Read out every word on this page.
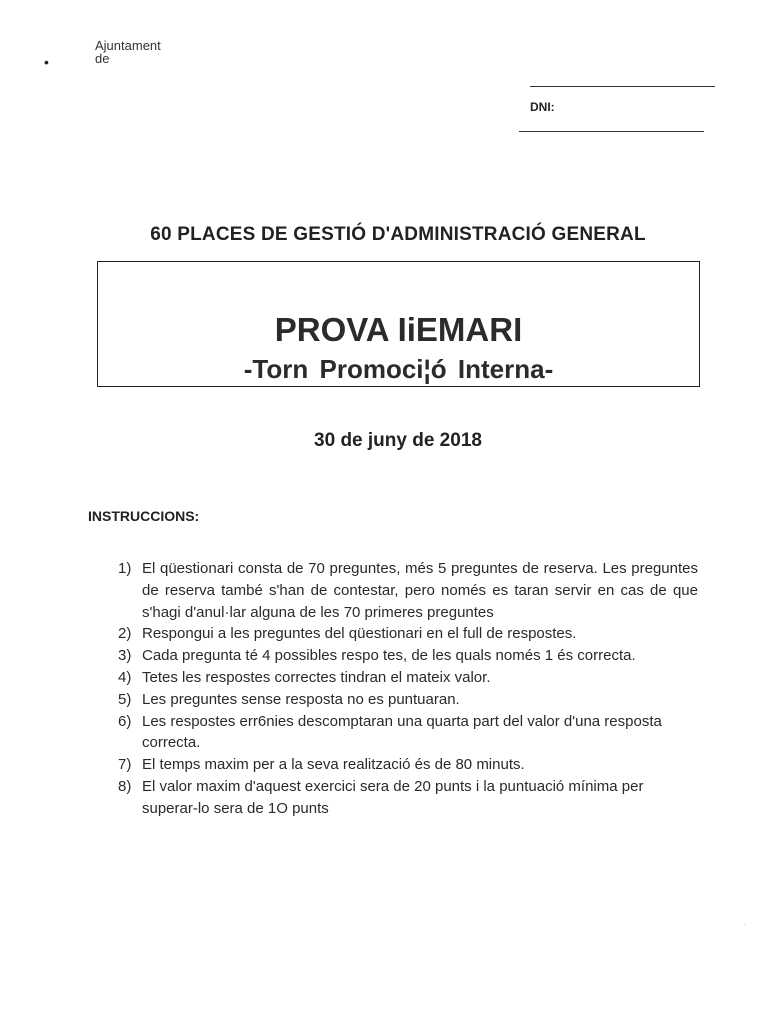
•
Ajuntament
de
DNI:
60 PLACES DE GESTIÓ D'ADMINISTRACIÓ GENERAL
PROVA IiEMARI
-Torn Promoci¦ó Interna-
30 de juny de 2018
INSTRUCCIONS:
1) El qüestionari consta de 70 preguntes, més 5 preguntes de reserva. Les preguntes de reserva també s'han de contestar, pero només es taran servir en cas de que s'hagi d'anul·lar alguna de les 70 primeres preguntes
2) Respongui a les preguntes del qüestionari en el full de respostes.
3) Cada pregunta té 4 possibles respo tes, de les quals només 1 és correcta.
4) Tetes les respostes correctes tindran el mateix valor.
5) Les preguntes sense resposta no es puntuaran.
6) Les respostes err6nies descomptaran una quarta part del valor d'una resposta correcta.
7) El temps maxim per a la seva realització és de 80 minuts.
8) El valor maxim d'aquest exercici sera de 20 punts i la puntuació mínima per superar-lo sera de 1O punts
.
